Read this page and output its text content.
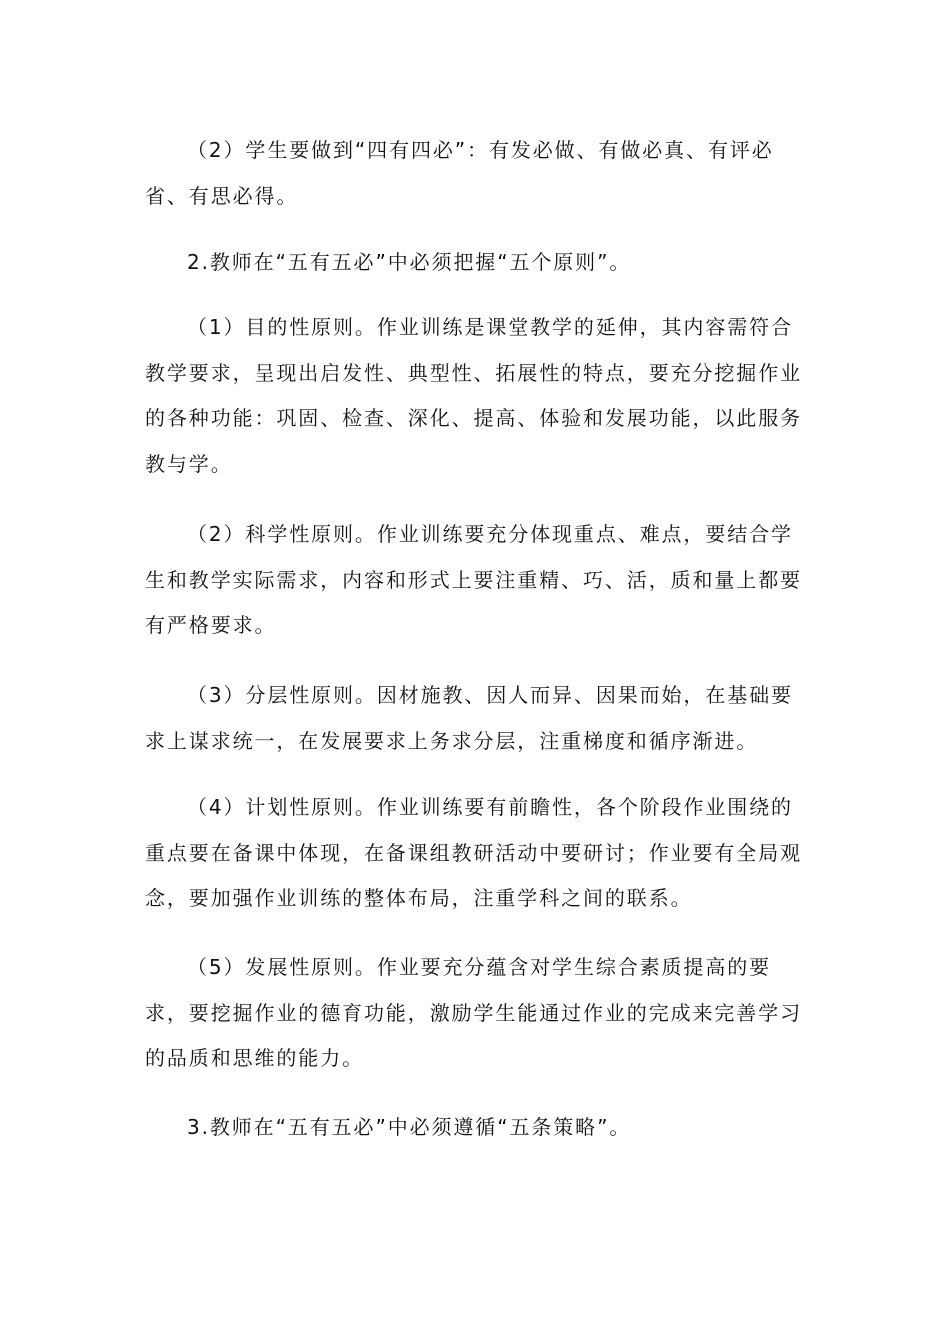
（2）学生要做到“四有四必”：有发必做、有做必真、有评必省、有思必得。

2.教师在“五有五必”中必须把握“五个原则”。

（1）目的性原则。作业训练是课堂教学的延伸，其内容需符合教学要求，呈现出启发性、典型性、拓展性的特点，要充分挖掘作业的各种功能：巩固、检查、深化、提高、体验和发展功能，以此服务教与学。

（2）科学性原则。作业训练要充分体现重点、难点，要结合学生和教学实际需求，内容和形式上要注重精、巧、活，质和量上都要有严格要求。

（3）分层性原则。因材施教、因人而异、因果而始，在基础要求上谋求统一，在发展要求上务求分层，注重梯度和循序渐进。

（4）计划性原则。作业训练要有前瞻性，各个阶段作业围绕的重点要在备课中体现，在备课组教研活动中要研讨；作业要有全局观念，要加强作业训练的整体布局，注重学科之间的联系。

（5）发展性原则。作业要充分蕴含对学生综合素质提高的要求，要挖掘作业的德育功能，激励学生能通过作业的完成来完善学习的品质和思维的能力。

3.教师在“五有五必”中必须遵循“五条策略”。
